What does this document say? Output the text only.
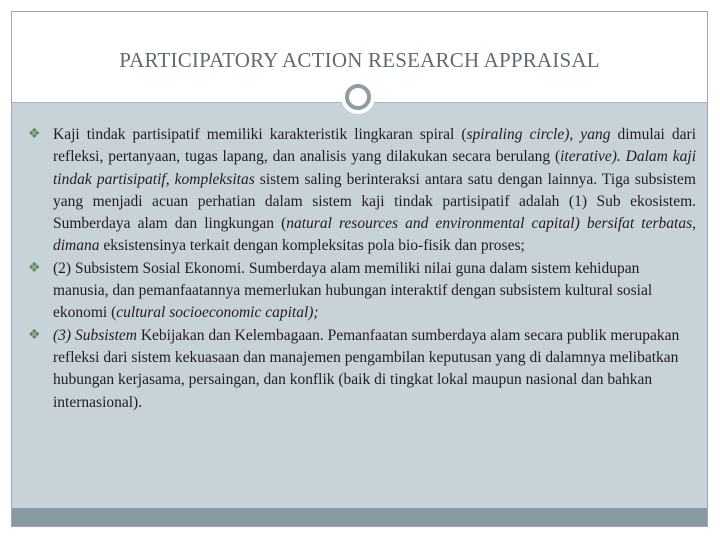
PARTICIPATORY ACTION RESEARCH APPRAISAL
❖ Kaji tindak partisipatif memiliki karakteristik lingkaran spiral (spiraling circle), yang dimulai dari refleksi, pertanyaan, tugas lapang, dan analisis yang dilakukan secara berulang (iterative). Dalam kaji tindak partisipatif, kompleksitas sistem saling berinteraksi antara satu dengan lainnya. Tiga subsistem yang menjadi acuan perhatian dalam sistem kaji tindak partisipatif adalah (1) Sub ekosistem. Sumberdaya alam dan lingkungan (natural resources and environmental capital) bersifat terbatas, dimana eksistensinya terkait dengan kompleksitas pola bio-fisik dan proses;
❖ (2) Subsistem Sosial Ekonomi. Sumberdaya alam memiliki nilai guna dalam sistem kehidupan manusia, dan pemanfaatannya memerlukan hubungan interaktif dengan subsistem kultural sosial ekonomi (cultural socioeconomic capital);
❖ (3) Subsistem Kebijakan dan Kelembagaan. Pemanfaatan sumberdaya alam secara publik merupakan refleksi dari sistem kekuasaan dan manajemen pengambilan keputusan yang di dalamnya melibatkan hubungan kerjasama, persaingan, dan konflik (baik di tingkat lokal maupun nasional dan bahkan internasional).
